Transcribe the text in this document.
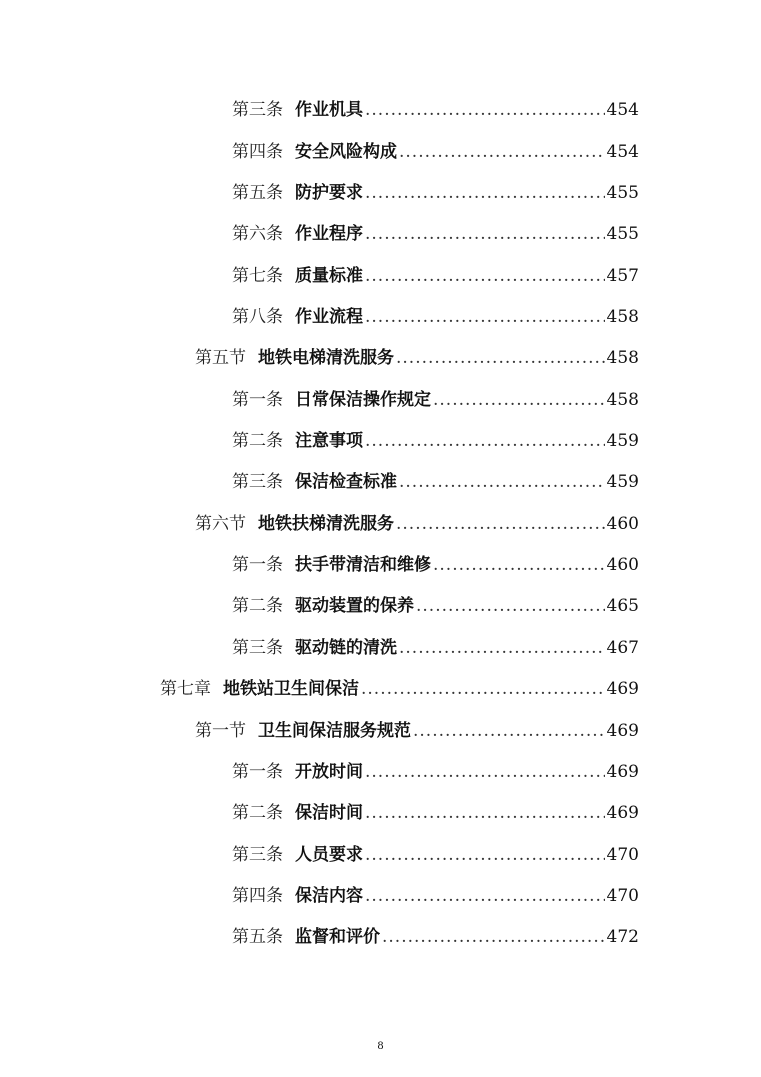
第三条 作业机具 .....	454
第四条 安全风险构成 .....	454
第五条 防护要求 .....	455
第六条 作业程序 .....	455
第七条 质量标准 .....	457
第八条 作业流程 .....	458
第五节 地铁电梯清洗服务 .....	458
第一条 日常保洁操作规定 .....	458
第二条 注意事项 .....	459
第三条 保洁检查标准 .....	459
第六节 地铁扶梯清洗服务 .....	460
第一条 扶手带清洁和维修 .....	460
第二条 驱动装置的保养 .....	465
第三条 驱动链的清洗 .....	467
第七章 地铁站卫生间保洁 .....	469
第一节 卫生间保洁服务规范 .....	469
第一条 开放时间 .....	469
第二条 保洁时间 .....	469
第三条 人员要求 .....	470
第四条 保洁内容 .....	470
第五条 监督和评价 .....	472
8
